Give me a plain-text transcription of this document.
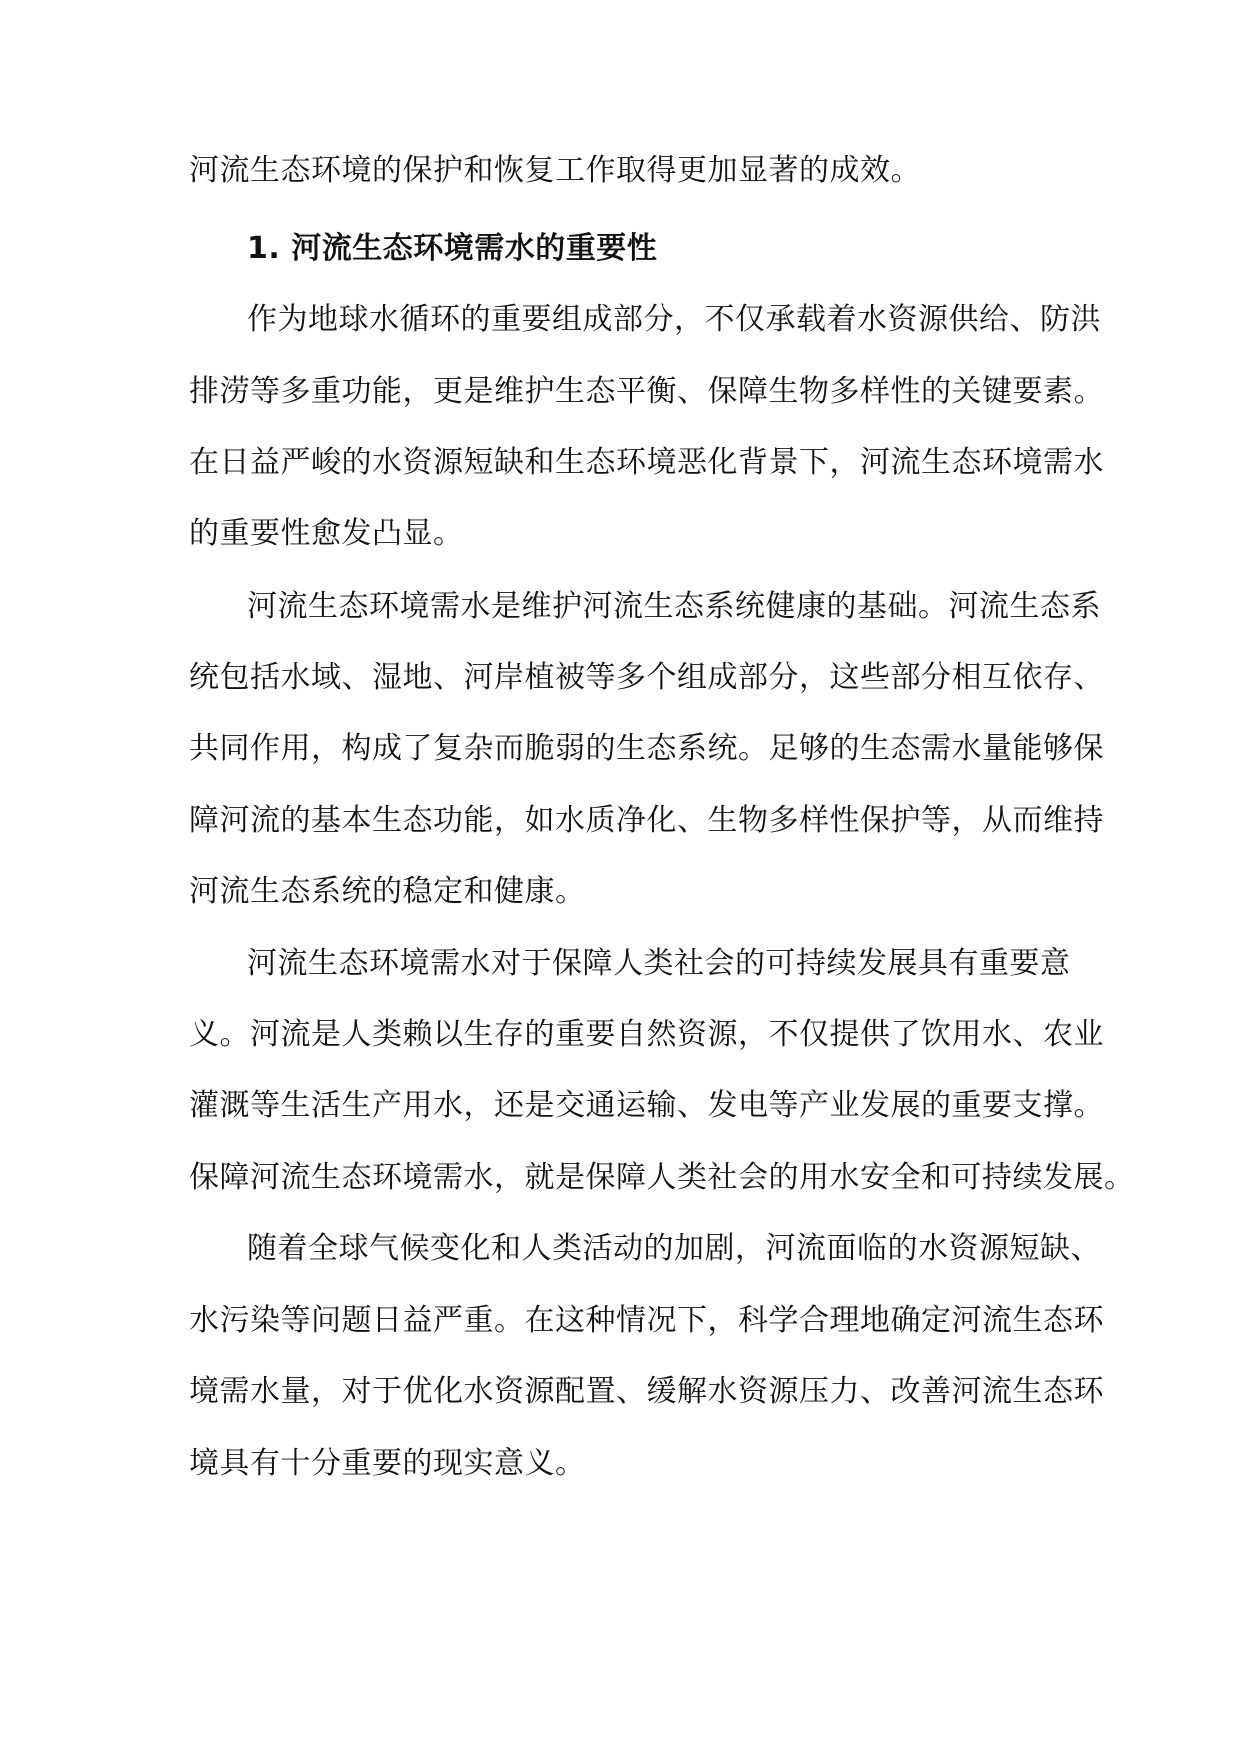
河流生态环境的保护和恢复工作取得更加显著的成效。
1. 河流生态环境需水的重要性
作为地球水循环的重要组成部分，不仅承载着水资源供给、防洪
排涝等多重功能，更是维护生态平衡、保障生物多样性的关键要素。
在日益严峻的水资源短缺和生态环境恶化背景下，河流生态环境需水
的重要性愈发凸显。
河流生态环境需水是维护河流生态系统健康的基础。河流生态系
统包括水域、湿地、河岸植被等多个组成部分，这些部分相互依存、
共同作用，构成了复杂而脆弱的生态系统。足够的生态需水量能够保
障河流的基本生态功能，如水质净化、生物多样性保护等，从而维持
河流生态系统的稳定和健康。
河流生态环境需水对于保障人类社会的可持续发展具有重要意
义。河流是人类赖以生存的重要自然资源，不仅提供了饮用水、农业
灌溉等生活生产用水，还是交通运输、发电等产业发展的重要支撑。
保障河流生态环境需水，就是保障人类社会的用水安全和可持续发展。
随着全球气候变化和人类活动的加剧，河流面临的水资源短缺、
水污染等问题日益严重。在这种情况下，科学合理地确定河流生态环
境需水量，对于优化水资源配置、缓解水资源压力、改善河流生态环
境具有十分重要的现实意义。
